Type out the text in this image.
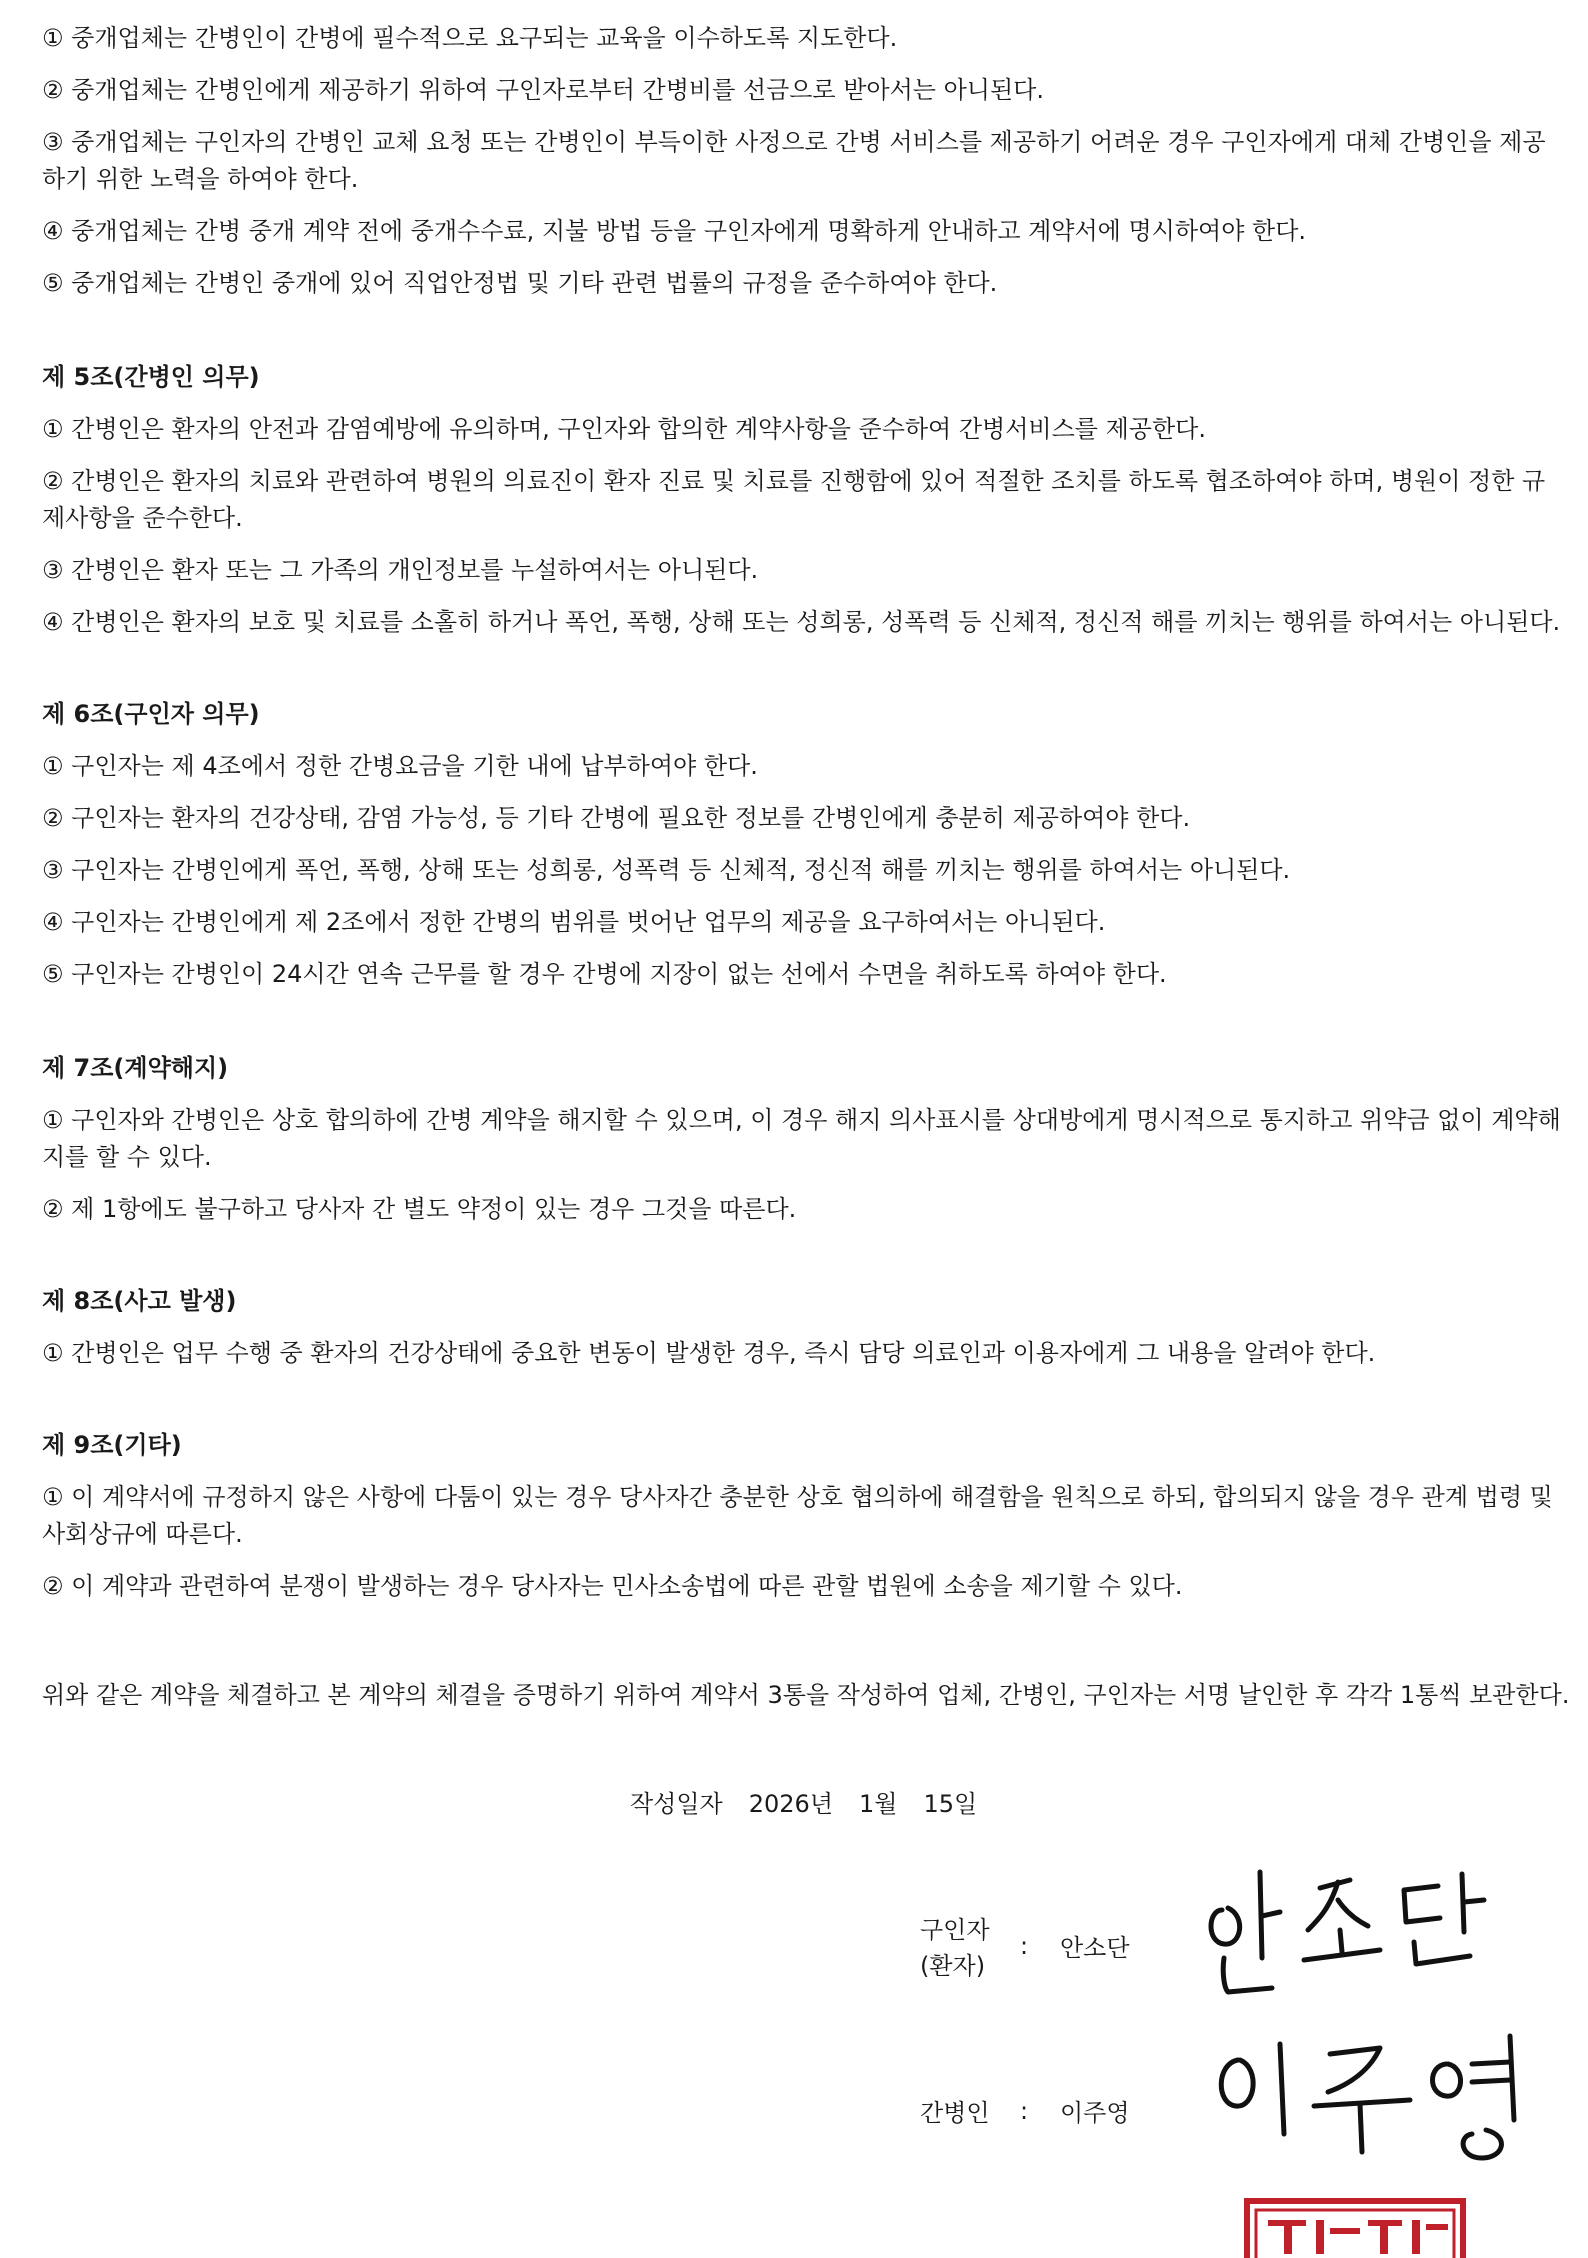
① 중개업체는 간병인이 간병에 필수적으로 요구되는 교육을 이수하도록 지도한다.
② 중개업체는 간병인에게 제공하기 위하여 구인자로부터 간병비를 선금으로 받아서는 아니된다.
③ 중개업체는 구인자의 간병인 교체 요청 또는 간병인이 부득이한 사정으로 간병 서비스를 제공하기 어려운 경우 구인자에게 대체 간병인을 제공
하기 위한 노력을 하여야 한다.
④ 중개업체는 간병 중개 계약 전에 중개수수료, 지불 방법 등을 구인자에게 명확하게 안내하고 계약서에 명시하여야 한다.
⑤ 중개업체는 간병인 중개에 있어 직업안정법 및 기타 관련 법률의 규정을 준수하여야 한다.
제 5조(간병인 의무)
① 간병인은 환자의 안전과 감염예방에 유의하며, 구인자와 합의한 계약사항을 준수하여 간병서비스를 제공한다.
② 간병인은 환자의 치료와 관련하여 병원의 의료진이 환자 진료 및 치료를 진행함에 있어 적절한 조치를 하도록 협조하여야 하며, 병원이 정한 규
제사항을 준수한다.
③ 간병인은 환자 또는 그 가족의 개인정보를 누설하여서는 아니된다.
④ 간병인은 환자의 보호 및 치료를 소홀히 하거나 폭언, 폭행, 상해 또는 성희롱, 성폭력 등 신체적, 정신적 해를 끼치는 행위를 하여서는 아니된다.
제 6조(구인자 의무)
① 구인자는 제 4조에서 정한 간병요금을 기한 내에 납부하여야 한다.
② 구인자는 환자의 건강상태, 감염 가능성, 등 기타 간병에 필요한 정보를 간병인에게 충분히 제공하여야 한다.
③ 구인자는 간병인에게 폭언, 폭행, 상해 또는 성희롱, 성폭력 등 신체적, 정신적 해를 끼치는 행위를 하여서는 아니된다.
④ 구인자는 간병인에게 제 2조에서 정한 간병의 범위를 벗어난 업무의 제공을 요구하여서는 아니된다.
⑤ 구인자는 간병인이 24시간 연속 근무를 할 경우 간병에 지장이 없는 선에서 수면을 취하도록 하여야 한다.
제 7조(계약해지)
① 구인자와 간병인은 상호 합의하에 간병 계약을 해지할 수 있으며, 이 경우 해지 의사표시를 상대방에게 명시적으로 통지하고 위약금 없이 계약해
지를 할 수 있다.
② 제 1항에도 불구하고 당사자 간 별도 약정이 있는 경우 그것을 따른다.
제 8조(사고 발생)
① 간병인은 업무 수행 중 환자의 건강상태에 중요한 변동이 발생한 경우, 즉시 담당 의료인과 이용자에게 그 내용을 알려야 한다.
제 9조(기타)
① 이 계약서에 규정하지 않은 사항에 다툼이 있는 경우 당사자간 충분한 상호 협의하에 해결함을 원칙으로 하되, 합의되지 않을 경우 관계 법령 및
사회상규에 따른다.
② 이 계약과 관련하여 분쟁이 발생하는 경우 당사자는 민사소송법에 따른 관할 법원에 소송을 제기할 수 있다.
위와 같은 계약을 체결하고 본 계약의 체결을 증명하기 위하여 계약서 3통을 작성하여 업체, 간병인, 구인자는 서명 날인한 후 각각 1통씩 보관한다.
작성일자 2026년 1월 15일
구인자
(환자)
: 안소단
간병인 : 이주영
